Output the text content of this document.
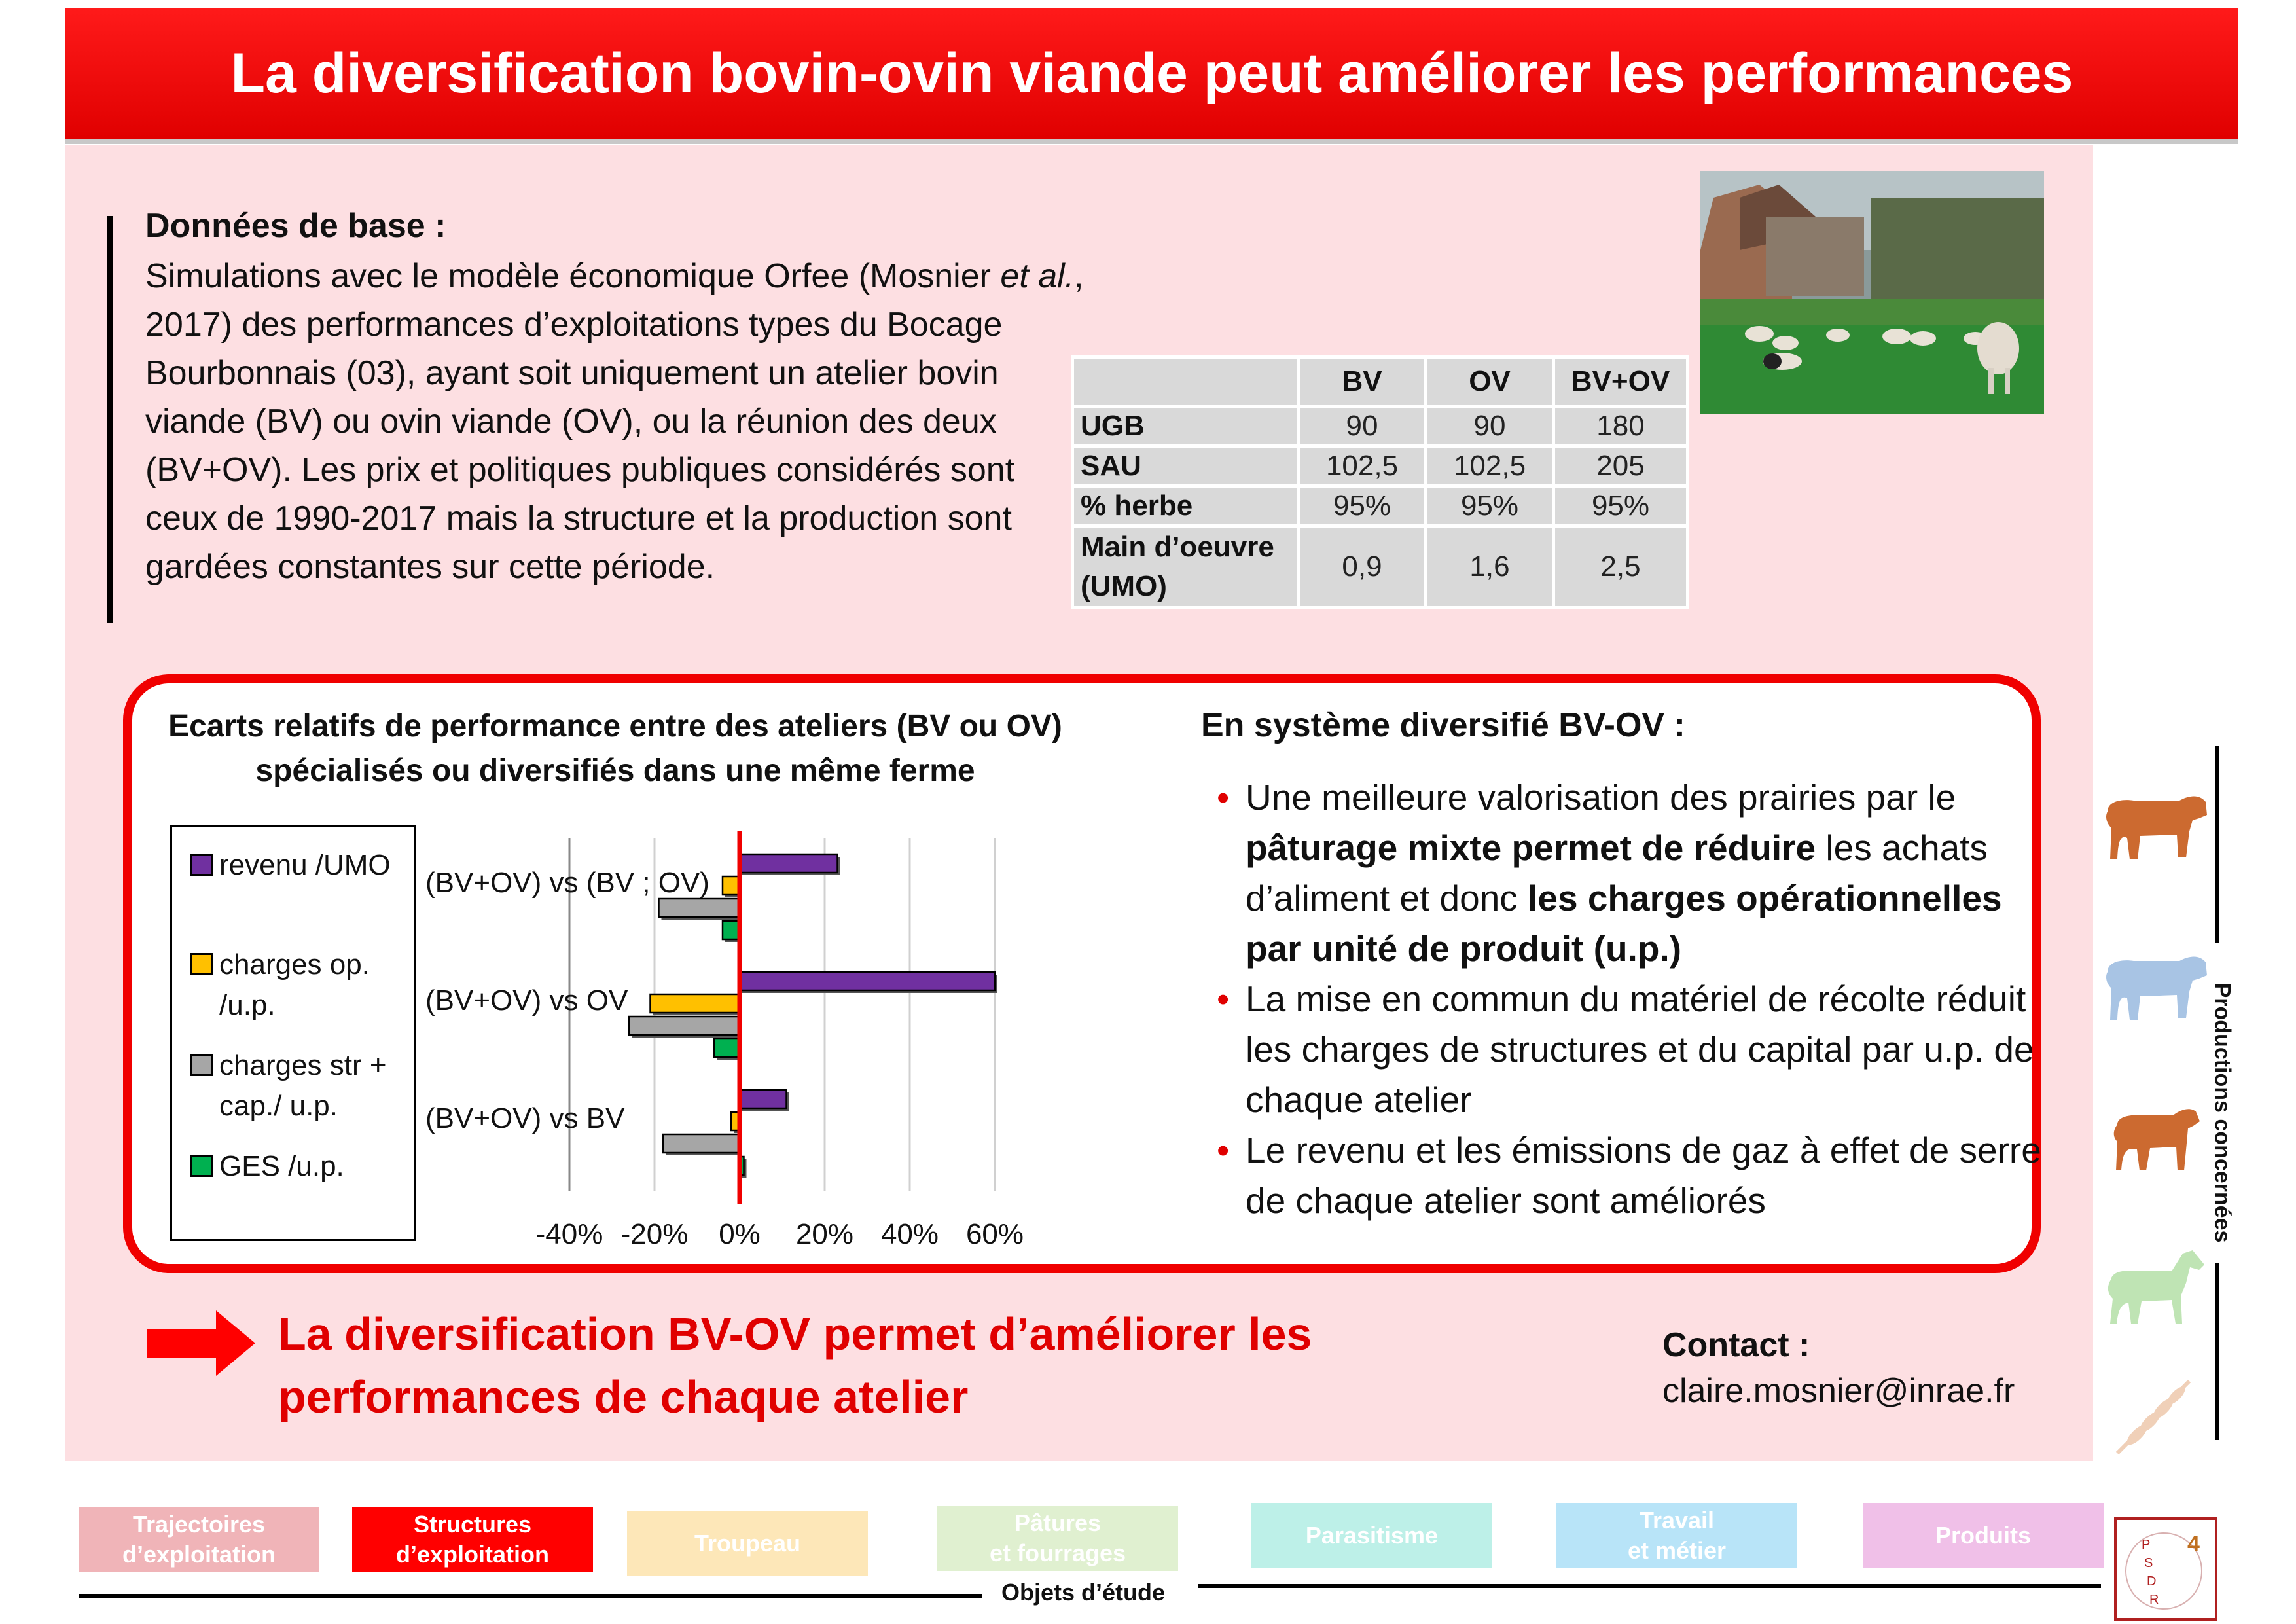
La diversification bovin-ovin viande peut améliorer les performances
Données de base :
Simulations avec le modèle économique Orfee (Mosnier et al., 2017) des performances d’exploitations types du Bocage Bourbonnais (03), ayant soit uniquement un atelier bovin viande (BV) ou ovin viande (OV), ou la réunion des deux (BV+OV). Les prix et politiques publiques considérés sont ceux de 1990-2017 mais la structure et la production sont gardées constantes sur cette période.
	BV	OV	BV+OV
UGB	90	90	180
SAU	102,5	102,5	205
% herbe	95%	95%	95%
Main d’oeuvre (UMO)	0,9	1,6	2,5
Ecarts relatifs de performance entre des ateliers (BV ou OV)
spécialisés ou diversifiés dans une même ferme
revenu /UMO
charges op.
/u.p.
charges str +
cap./ u.p.
GES /u.p.
-40% -20% 0% 20% 40% 60%
(BV+OV) vs (BV ; OV)
(BV+OV) vs OV
(BV+OV) vs BV
En système diversifié BV-OV :
• Une meilleure valorisation des prairies par le pâturage mixte permet de réduire les achats d’aliment et donc les charges opérationnelles par unité de produit (u.p.)
• La mise en commun du matériel de récolte réduit les charges de structures et du capital par u.p. de chaque atelier
• Le revenu et les émissions de gaz à effet de serre de chaque atelier sont améliorés
La diversification BV-OV permet d’améliorer les
performances de chaque atelier
Contact :
claire.mosnier@inrae.fr
Productions concernées
Trajectoires
d’exploitation
Structures
d’exploitation	Troupeau
Pâtures
et fourrages
Parasitisme
Travail
et métier
Produits
Objets d’étude
4
P
S
D
R
